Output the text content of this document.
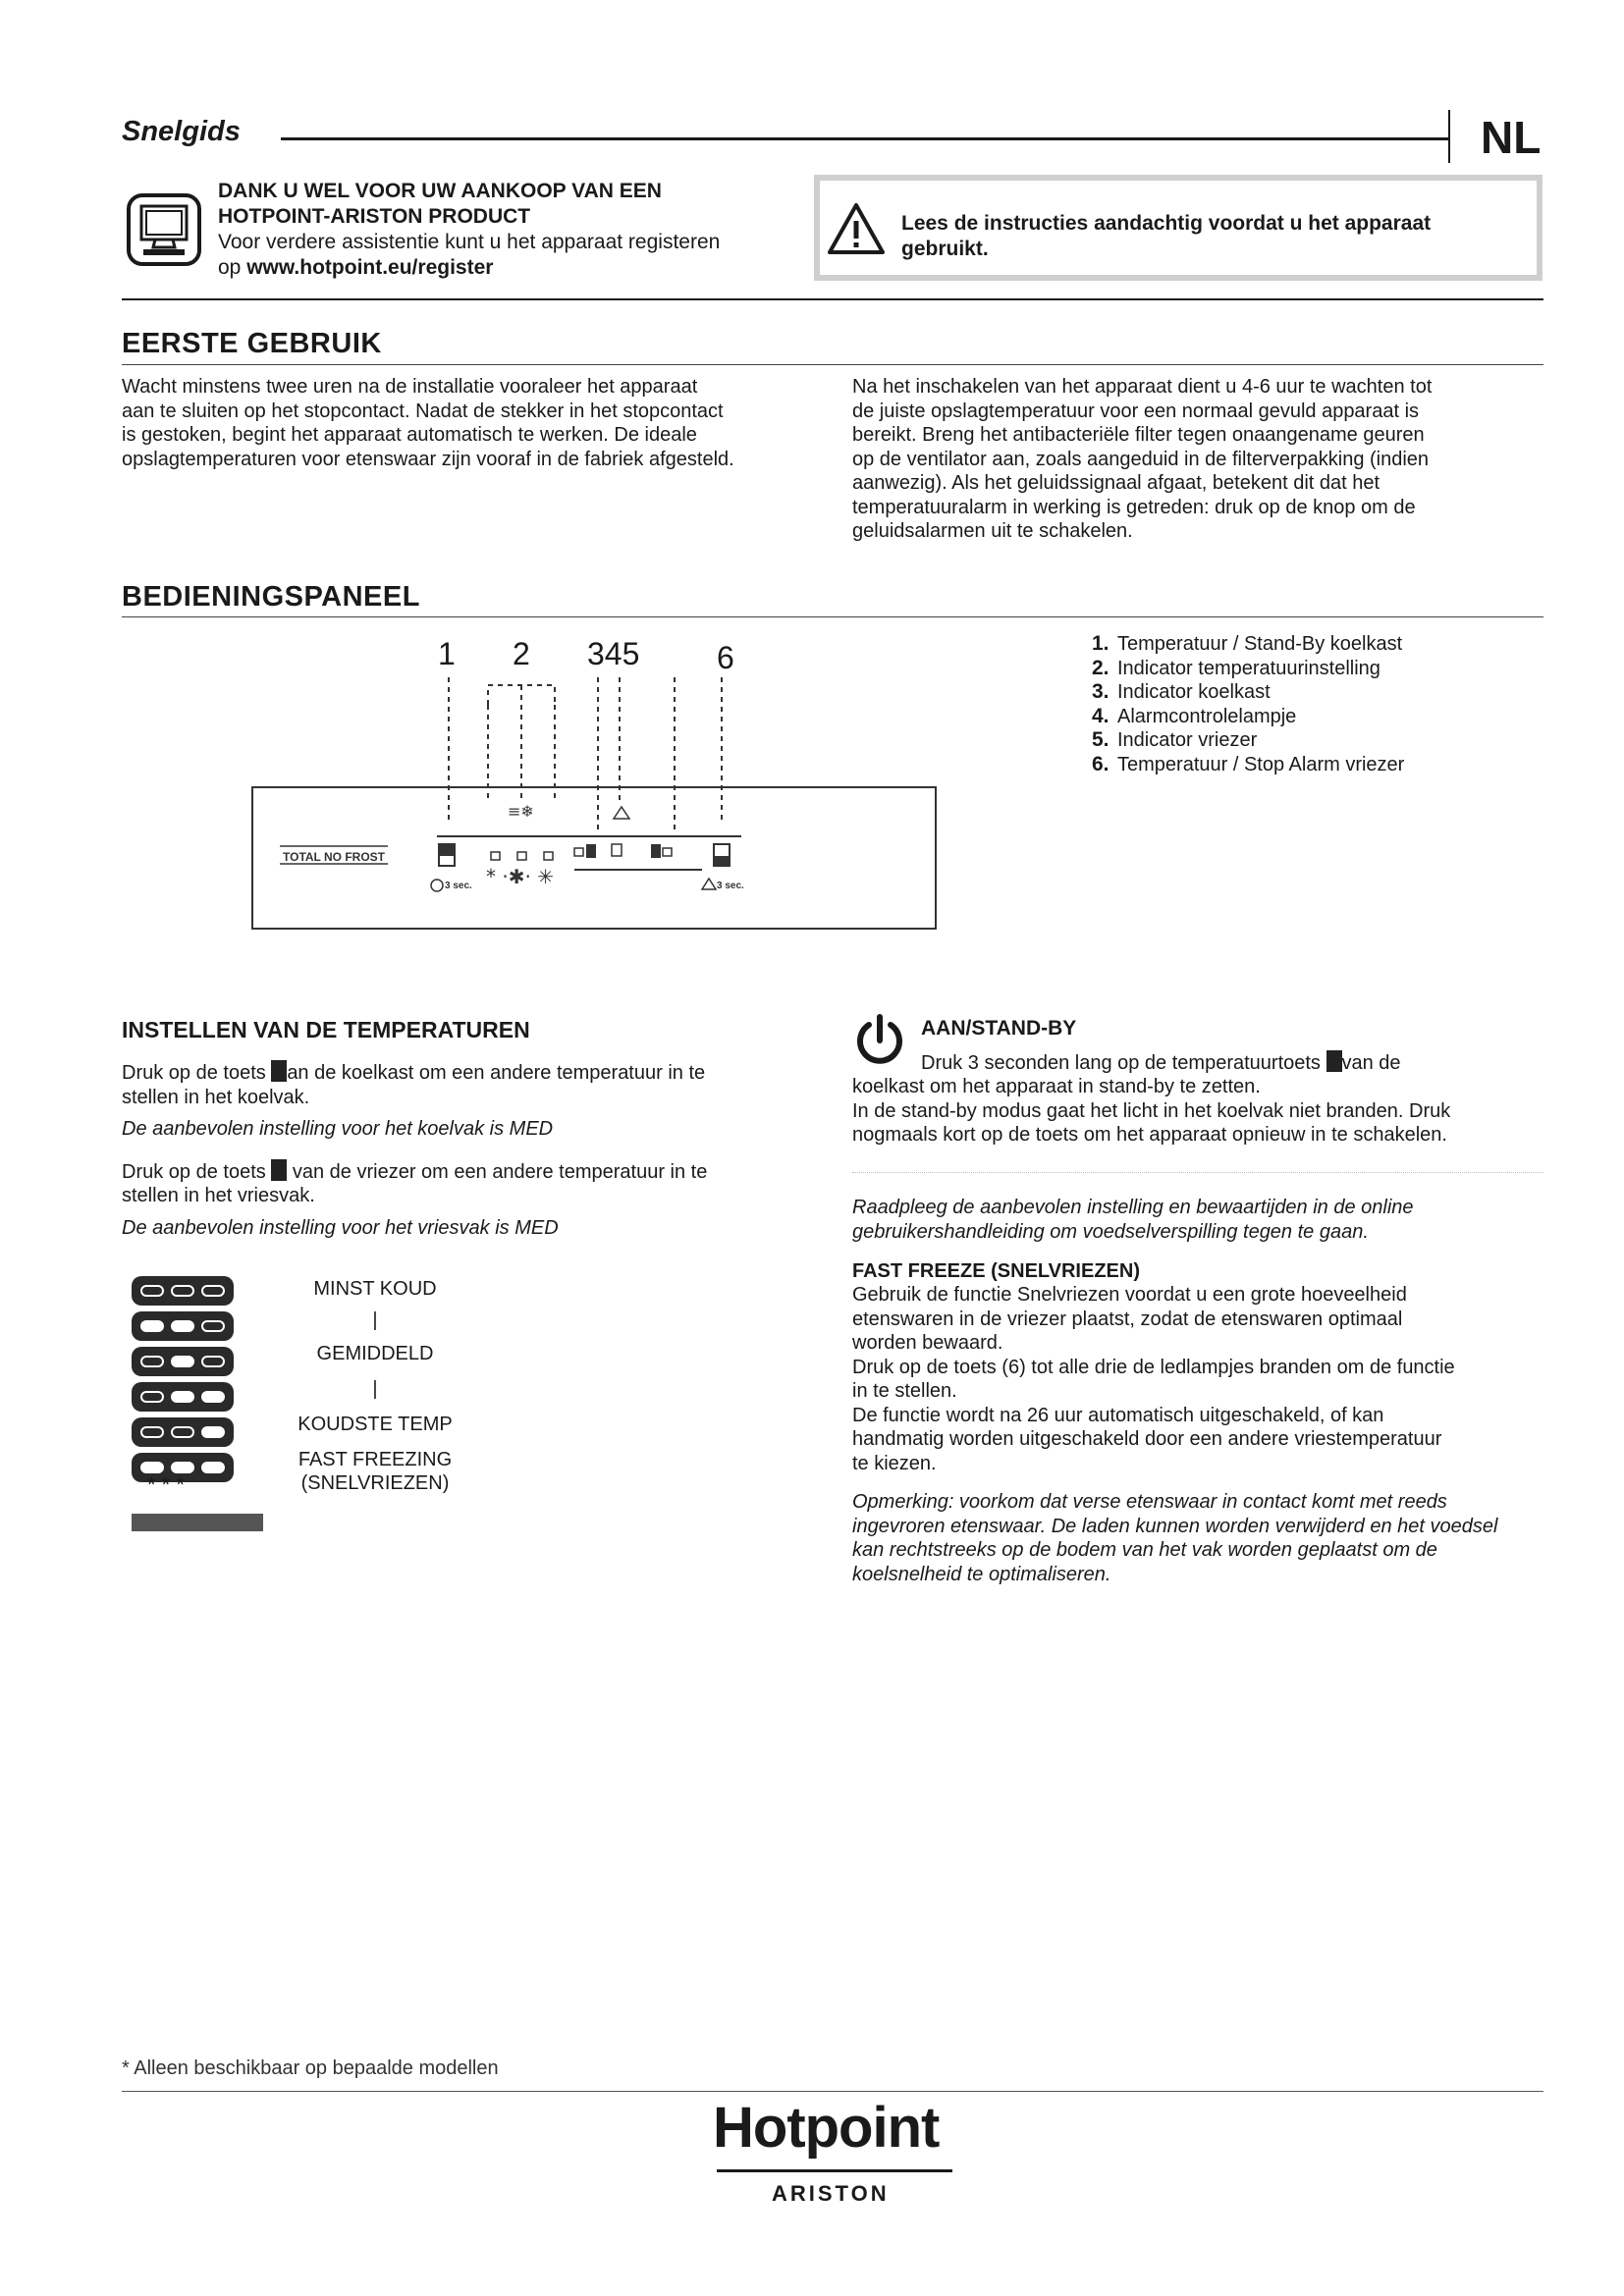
Snelgids	NL
DANK U WEL VOOR UW AANKOOP VAN EEN
HOTPOINT-ARISTON PRODUCT
Voor verdere assistentie kunt u het apparaat registeren
op www.hotpoint.eu/register
Lees de instructies aandachtig voordat u het apparaat
gebruikt.
EERSTE GEBRUIK
Wacht minstens twee uren na de installatie vooraleer het apparaat
aan te sluiten op het stopcontact. Nadat de stekker in het stopcontact
is gestoken, begint het apparaat automatisch te werken. De ideale
opslagtemperaturen voor etenswaar zijn vooraf in de fabriek afgesteld.
Na het inschakelen van het apparaat dient u 4-6 uur te wachten tot
de juiste opslagtemperatuur voor een normaal gevuld apparaat is
bereikt. Breng het antibacteriële filter tegen onaangename geuren
op de ventilator aan, zoals aangeduid in de filterverpakking (indien
aanwezig). Als het geluidssignaal afgaat, betekent dit dat het
temperatuuralarm in werking is getreden: druk op de knop om de
geluidsalarmen uit te schakelen.
BEDIENINGSPANEEL
1 2 345 6
≡❄
* ·✱· ✳
TOTAL NO FROST
3 sec.	3 sec.
1. Temperatuur / Stand-By koelkast
2. Indicator temperatuurinstelling
3. Indicator koelkast
4. Alarmcontrolelampje
5. Indicator vriezer
6. Temperatuur / Stop Alarm vriezer
INSTELLEN VAN DE TEMPERATUREN
Druk op de toets an de koelkast om een andere temperatuur in te
stellen in het koelvak.
De aanbevolen instelling voor het koelvak is MED
Druk op de toets van de vriezer om een andere temperatuur in te
stellen in het vriesvak.
De aanbevolen instelling voor het vriesvak is MED
* * *
MINST KOUD
|
GEMIDDELD
|
KOUDSTE TEMP
FAST FREEZING
(SNELVRIEZEN)
AAN/STAND-BY
Druk 3 seconden lang op de temperatuurtoets van de
koelkast om het apparaat in stand-by te zetten.
In de stand-by modus gaat het licht in het koelvak niet branden. Druk
nogmaals kort op de toets om het apparaat opnieuw in te schakelen.
Raadpleeg de aanbevolen instelling en bewaartijden in de online
gebruikershandleiding om voedselverspilling tegen te gaan.
FAST FREEZE (SNELVRIEZEN)
Gebruik de functie Snelvriezen voordat u een grote hoeveelheid
etenswaren in de vriezer plaatst, zodat de etenswaren optimaal
worden bewaard.
Druk op de toets (6) tot alle drie de ledlampjes branden om de functie
in te stellen.
De functie wordt na 26 uur automatisch uitgeschakeld, of kan
handmatig worden uitgeschakeld door een andere vriestemperatuur
te kiezen.
Opmerking: voorkom dat verse etenswaar in contact komt met reeds
ingevroren etenswaar. De laden kunnen worden verwijderd en het voedsel
kan rechtstreeks op de bodem van het vak worden geplaatst om de
koelsnelheid te optimaliseren.
* Alleen beschikbaar op bepaalde modellen
Hotpoint
ARISTON
